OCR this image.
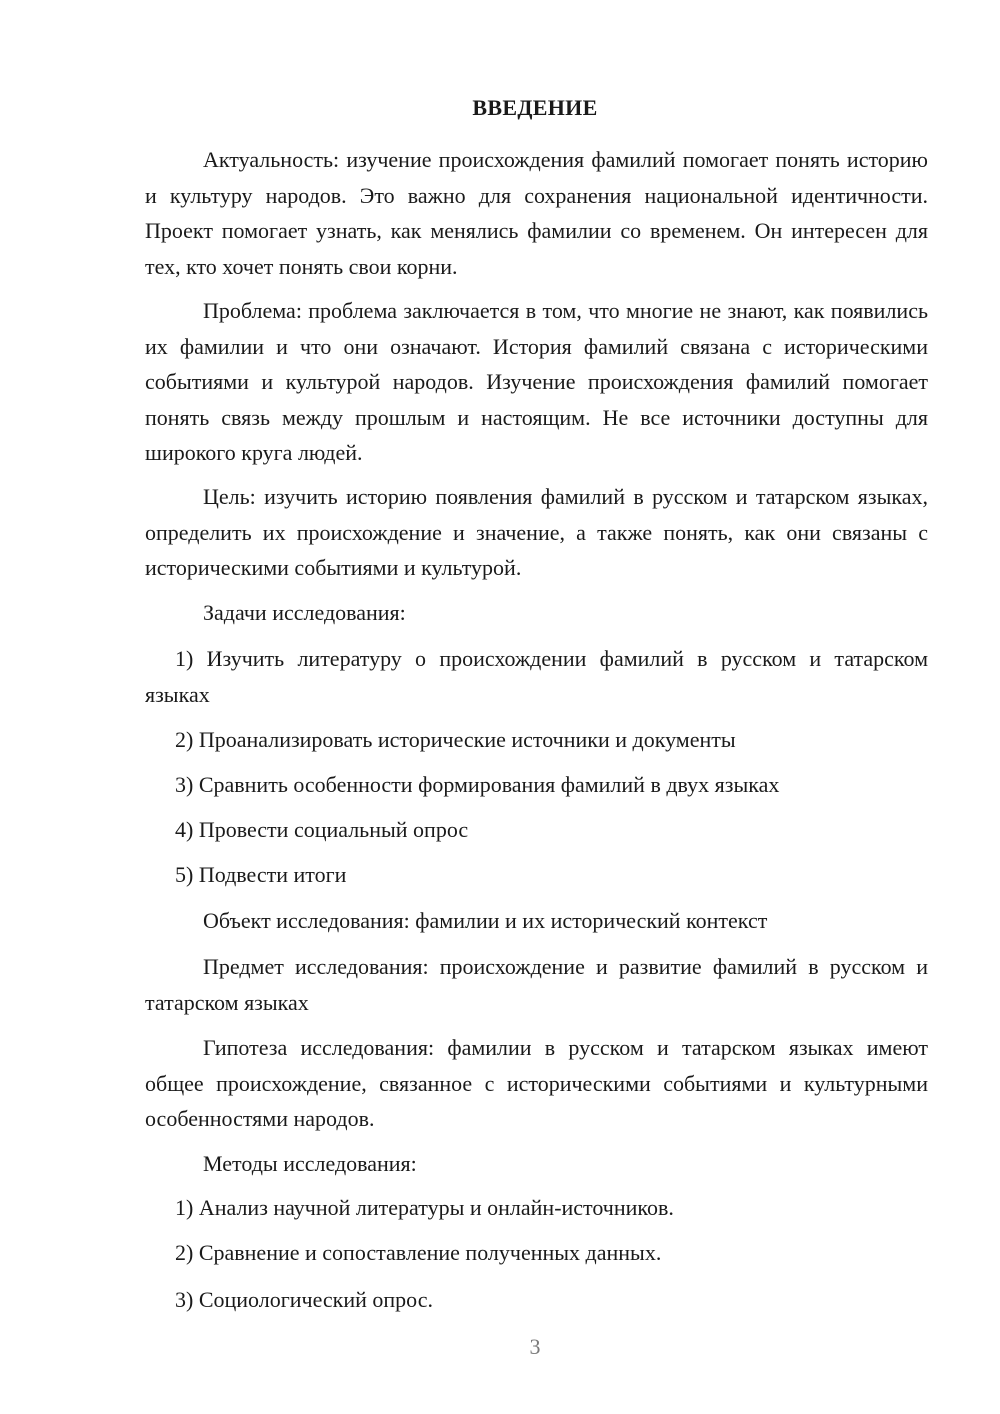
ВВЕДЕНИЕ

Актуальность: изучение происхождения фамилий помогает понять историю и культуру народов. Это важно для сохранения национальной идентичности. Проект помогает узнать, как менялись фамилии со временем. Он интересен для тех, кто хочет понять свои корни.

Проблема: проблема заключается в том, что многие не знают, как появились их фамилии и что они означают. История фамилий связана с историческими событиями и культурой народов. Изучение происхождения фамилий помогает понять связь между прошлым и настоящим. Не все источники доступны для широкого круга людей.

Цель: изучить историю появления фамилий в русском и татарском языках, определить их происхождение и значение, а также понять, как они связаны с историческими событиями и культурой.

Задачи исследования:

1) Изучить литературу о происхождении фамилий в русском и татарском языках

2) Проанализировать исторические источники и документы

3) Сравнить особенности формирования фамилий в двух языках

4) Провести социальный опрос

5) Подвести итоги

Объект исследования: фамилии и их исторический контекст

Предмет исследования: происхождение и развитие фамилий в русском и татарском языках

Гипотеза исследования: фамилии в русском и татарском языках имеют общее происхождение, связанное с историческими событиями и культурными особенностями народов.

Методы исследования:

1) Анализ научной литературы и онлайн-источников.

2) Сравнение и сопоставление полученных данных.

3) Социологический опрос.

3
